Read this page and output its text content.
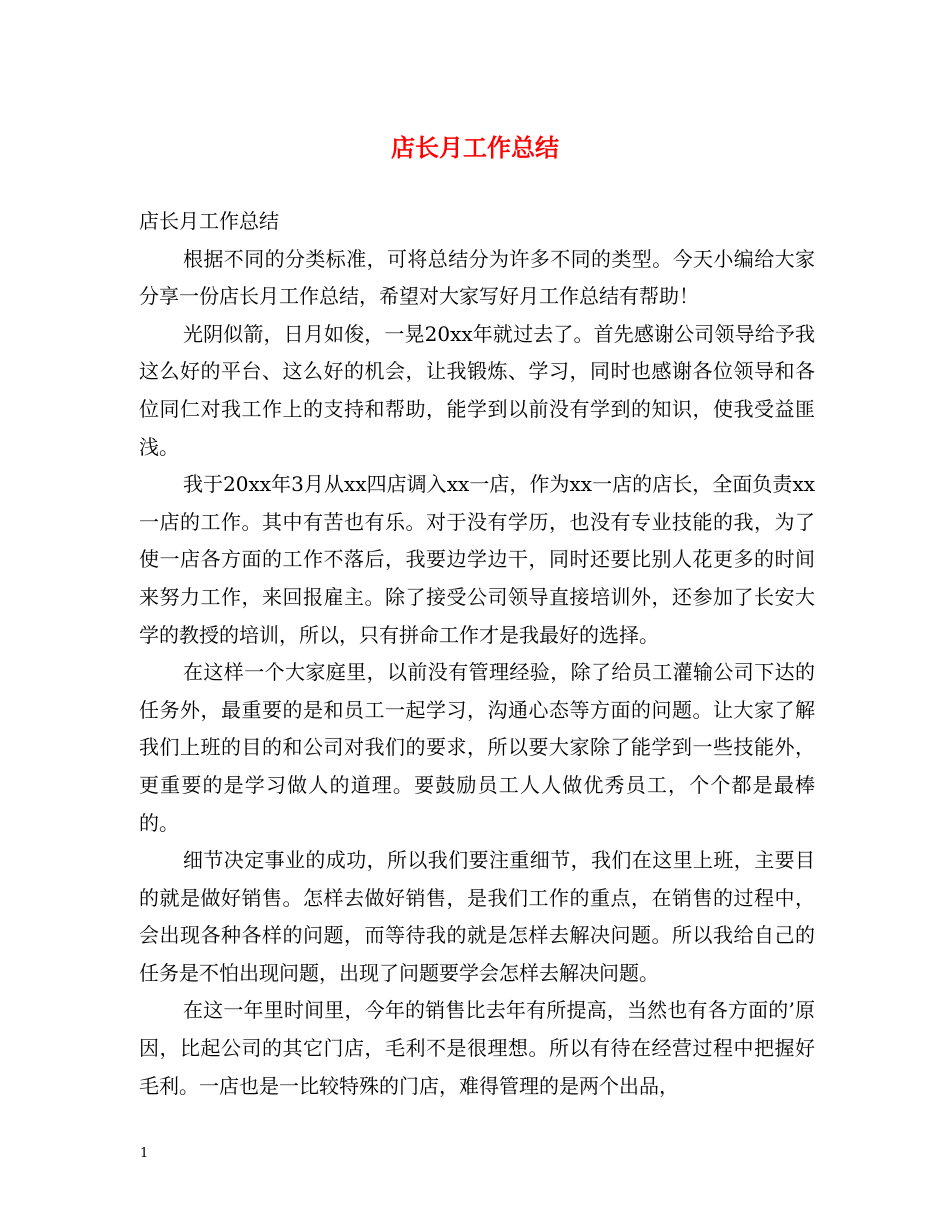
店长月工作总结

店长月工作总结

根据不同的分类标准，可将总结分为许多不同的类型。今天小编给大家分享一份店长月工作总结，希望对大家写好月工作总结有帮助！

光阴似箭，日月如俊，一晃20xx年就过去了。首先感谢公司领导给予我这么好的平台、这么好的机会，让我锻炼、学习，同时也感谢各位领导和各位同仁对我工作上的支持和帮助，能学到以前没有学到的知识，使我受益匪浅。

我于20xx年3月从xx四店调入xx一店，作为xx一店的店长，全面负责xx一店的工作。其中有苦也有乐。对于没有学历，也没有专业技能的我，为了使一店各方面的工作不落后，我要边学边干，同时还要比别人花更多的时间来努力工作，来回报雇主。除了接受公司领导直接培训外，还参加了长安大学的教授的培训，所以，只有拼命工作才是我最好的选择。

在这样一个大家庭里，以前没有管理经验，除了给员工灌输公司下达的任务外，最重要的是和员工一起学习，沟通心态等方面的问题。让大家了解我们上班的目的和公司对我们的要求，所以要大家除了能学到一些技能外，更重要的是学习做人的道理。要鼓励员工人人做优秀员工，个个都是最棒的。

细节决定事业的成功，所以我们要注重细节，我们在这里上班，主要目的就是做好销售。怎样去做好销售，是我们工作的重点，在销售的过程中，会出现各种各样的问题，而等待我的就是怎样去解决问题。所以我给自己的任务是不怕出现问题，出现了问题要学会怎样去解决问题。

在这一年里时间里，今年的销售比去年有所提高，当然也有各方面的’原因，比起公司的其它门店，毛利不是很理想。所以有待在经营过程中把握好毛利。一店也是一比较特殊的门店，难得管理的是两个出品，

1
